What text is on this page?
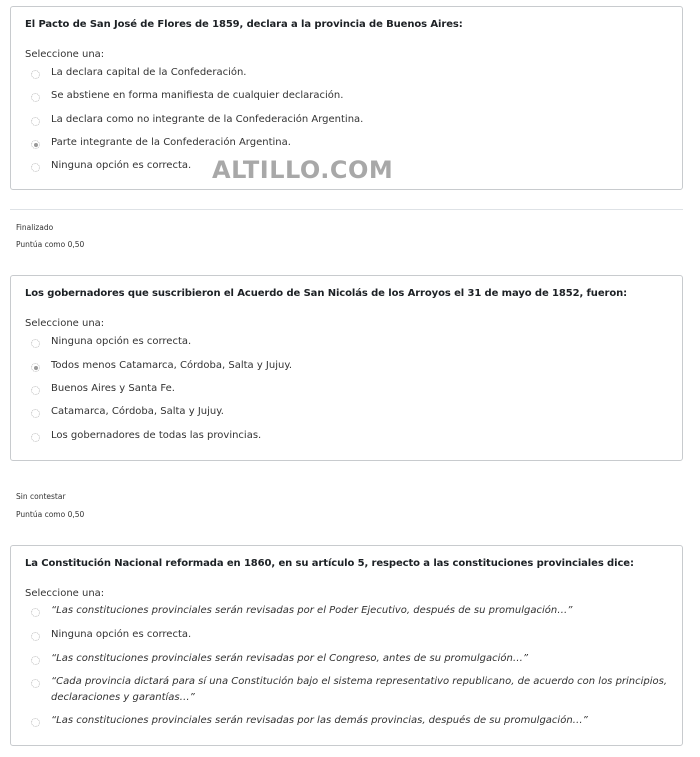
El Pacto de San José de Flores de 1859, declara a la provincia de Buenos Aires:
Seleccione una:
La declara capital de la Confederación.
Se abstiene en forma manifiesta de cualquier declaración.
La declara como no integrante de la Confederación Argentina.
Parte integrante de la Confederación Argentina.
Ninguna opción es correcta. ALTILLO.COM
Finalizado
Puntúa como 0,50
Los gobernadores que suscribieron el Acuerdo de San Nicolás de los Arroyos el 31 de mayo de 1852, fueron:
Seleccione una:
Ninguna opción es correcta.
Todos menos Catamarca, Córdoba, Salta y Jujuy.
Buenos Aires y Santa Fe.
Catamarca, Córdoba, Salta y Jujuy.
Los gobernadores de todas las provincias.
Sin contestar
Puntúa como 0,50
La Constitución Nacional reformada en 1860, en su artículo 5, respecto a las constituciones provinciales dice:
Seleccione una:
“Las constituciones provinciales serán revisadas por el Poder Ejecutivo, después de su promulgación…”
Ninguna opción es correcta.
“Las constituciones provinciales serán revisadas por el Congreso, antes de su promulgación…”
“Cada provincia dictará para sí una Constitución bajo el sistema representativo republicano, de acuerdo con los principios, declaraciones y garantías…”
“Las constituciones provinciales serán revisadas por las demás provincias, después de su promulgación…”
